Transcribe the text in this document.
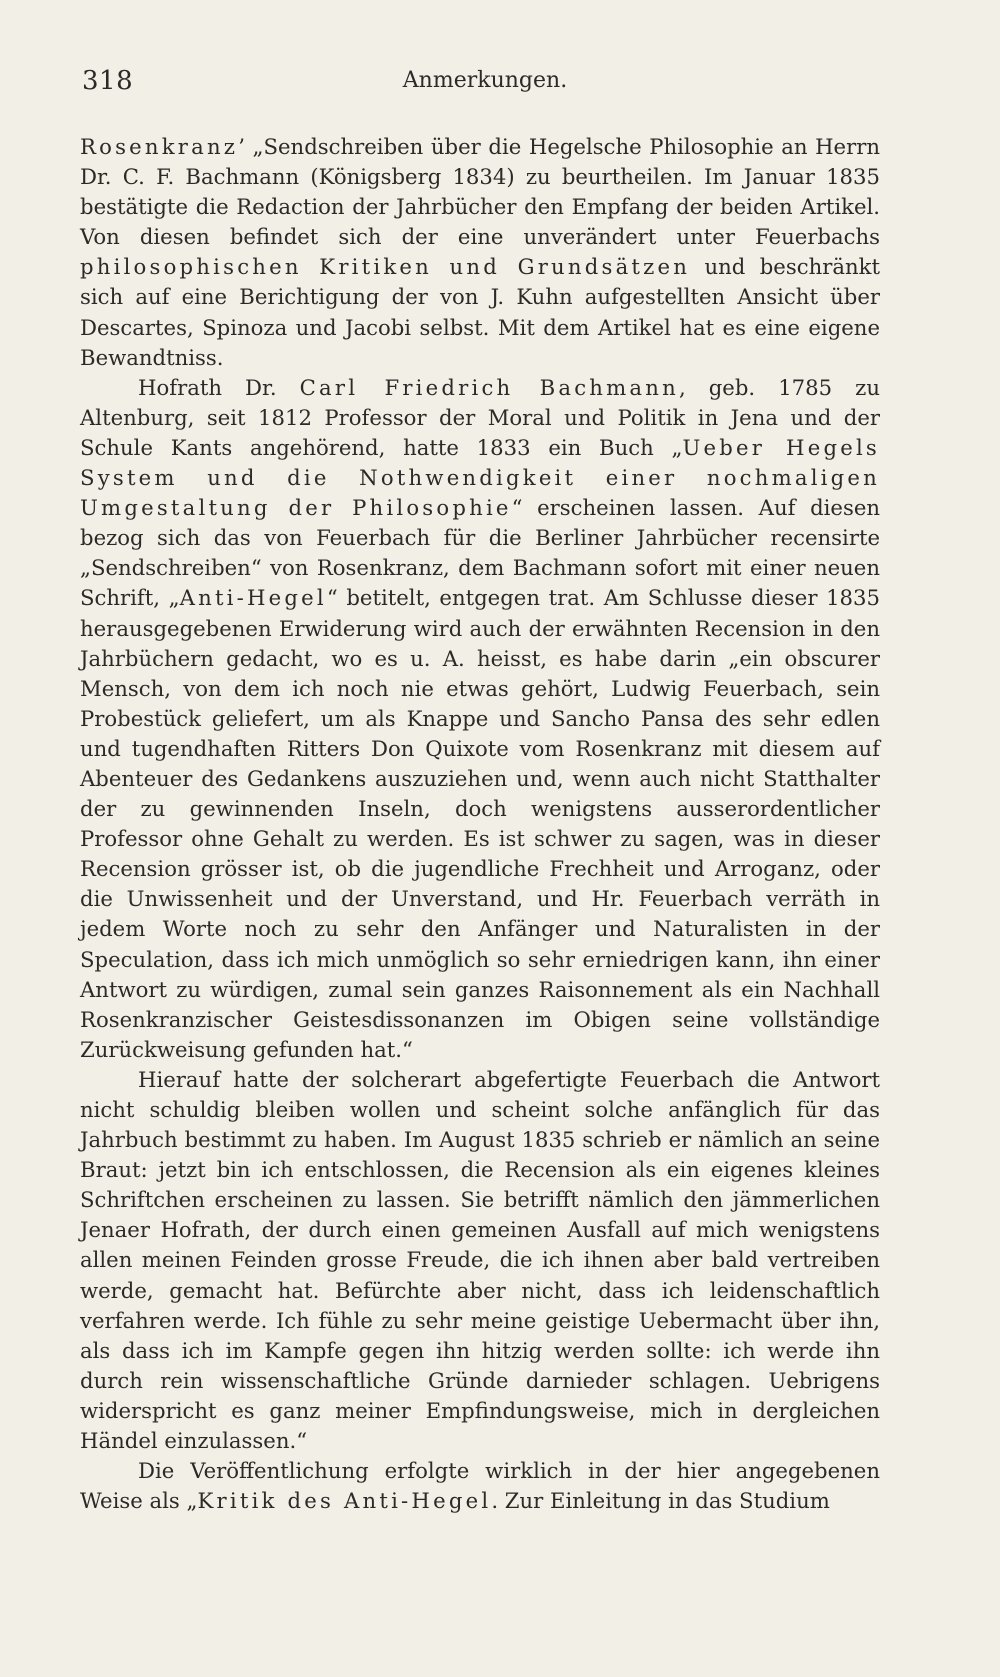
318	Anmerkungen.

Rosenkranz’ „Sendschreiben über die Hegelsche Philosophie an Herrn Dr. C. F. Bachmann (Königsberg 1834) zu beurtheilen. Im Januar 1835 bestätigte die Redaction der Jahrbücher den Empfang der beiden Artikel. Von diesen befindet sich der eine unverändert unter Feuerbachs philosophischen Kritiken und Grundsätzen und beschränkt sich auf eine Berichtigung der von J. Kuhn aufgestellten Ansicht über Descartes, Spinoza und Jacobi selbst. Mit dem Artikel hat es eine eigene Bewandtniss.

Hofrath Dr. Carl Friedrich Bachmann, geb. 1785 zu Altenburg, seit 1812 Professor der Moral und Politik in Jena und der Schule Kants angehörend, hatte 1833 ein Buch „Ueber Hegels System und die Nothwendigkeit einer nochmaligen Umgestaltung der Philosophie“ erscheinen lassen. Auf diesen bezog sich das von Feuerbach für die Berliner Jahrbücher recensirte „Sendschreiben“ von Rosenkranz, dem Bachmann sofort mit einer neuen Schrift, „Anti-Hegel“ betitelt, entgegen trat. Am Schlusse dieser 1835 herausgegebenen Erwiderung wird auch der erwähnten Recension in den Jahrbüchern gedacht, wo es u. A. heisst, es habe darin „ein obscurer Mensch, von dem ich noch nie etwas gehört, Ludwig Feuerbach, sein Probestück geliefert, um als Knappe und Sancho Pansa des sehr edlen und tugendhaften Ritters Don Quixote vom Rosenkranz mit diesem auf Abenteuer des Gedankens auszuziehen und, wenn auch nicht Statthalter der zu gewinnenden Inseln, doch wenigstens ausserordentlicher Professor ohne Gehalt zu werden. Es ist schwer zu sagen, was in dieser Recension grösser ist, ob die jugendliche Frechheit und Arroganz, oder die Unwissenheit und der Unverstand, und Hr. Feuerbach verräth in jedem Worte noch zu sehr den Anfänger und Naturalisten in der Speculation, dass ich mich unmöglich so sehr erniedrigen kann, ihn einer Antwort zu würdigen, zumal sein ganzes Raisonnement als ein Nachhall Rosenkranzischer Geistesdissonanzen im Obigen seine vollständige Zurückweisung gefunden hat.“

Hierauf hatte der solcherart abgefertigte Feuerbach die Antwort nicht schuldig bleiben wollen und scheint solche anfänglich für das Jahrbuch bestimmt zu haben. Im August 1835 schrieb er nämlich an seine Braut: jetzt bin ich entschlossen, die Recension als ein eigenes kleines Schriftchen erscheinen zu lassen. Sie betrifft nämlich den jämmerlichen Jenaer Hofrath, der durch einen gemeinen Ausfall auf mich wenigstens allen meinen Feinden grosse Freude, die ich ihnen aber bald vertreiben werde, gemacht hat. Befürchte aber nicht, dass ich leidenschaftlich verfahren werde. Ich fühle zu sehr meine geistige Uebermacht über ihn, als dass ich im Kampfe gegen ihn hitzig werden sollte: ich werde ihn durch rein wissenschaftliche Gründe darnieder schlagen. Uebrigens widerspricht es ganz meiner Empfindungsweise, mich in dergleichen Händel einzulassen.“

Die Veröffentlichung erfolgte wirklich in der hier angegebenen Weise als „Kritik des Anti-Hegel. Zur Einleitung in das Studium
